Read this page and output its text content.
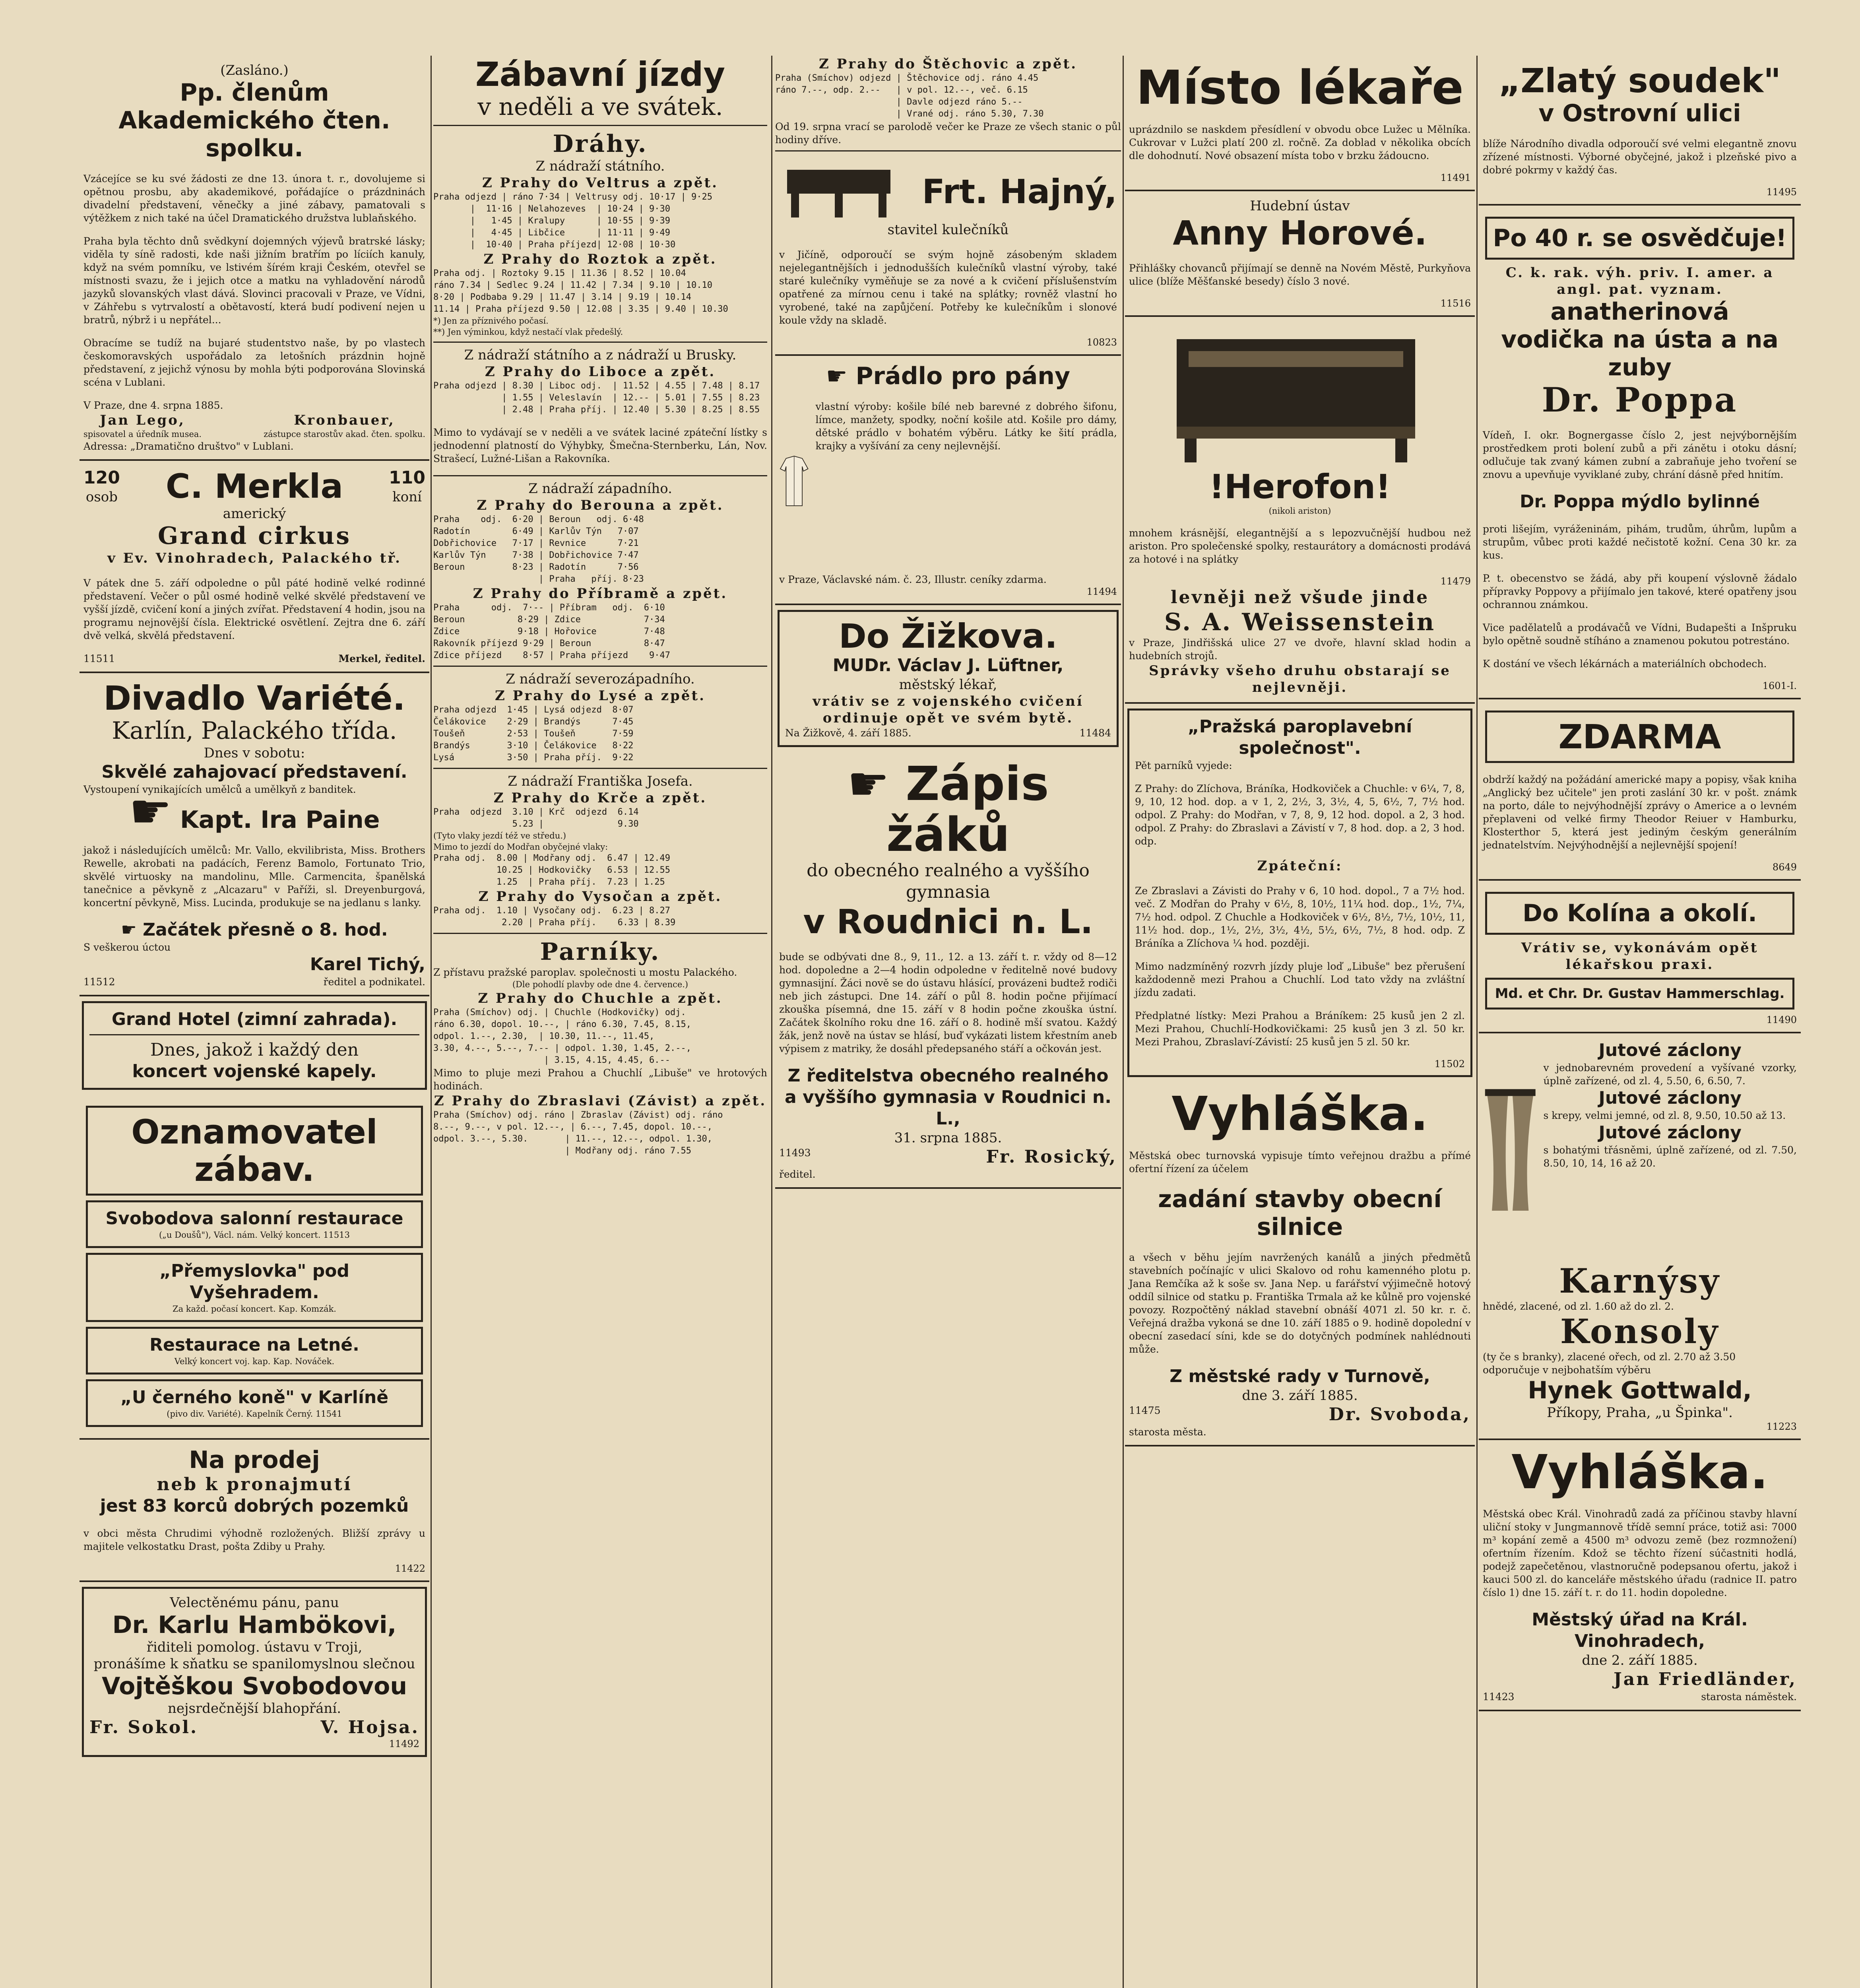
(Zasláno.)
Pp. členům
Akademického čten. spolku.

Vzácejíce se ku své žádosti ze dne 13. února t. r., dovolujeme si opětnou prosbu, aby akademikové, pořádajíce o prázdninách divadelní představení, věnečky a jiné zábavy, pamatovali s výtěžkem z nich také na účel Dramatického družstva lublaňského.

Praha byla těchto dnů svědkyní dojemných výjevů bratrské lásky; viděla ty síně radosti, kde naši jižním bratřím po líciích kanuly, když na svém pomníku, ve lstivém šírém kraji Českém, otevřel se místnosti svazu, že i jejich otce a matku na vyhladovění národů jazyků slovanských vlast dává. Slovinci pracovali v Praze, ve Vídni, v Záhřebu s vytrvalostí a obětavostí, která budí podivení nejen u bratrů, nýbrž i u nepřátel...

Obracíme se tudíž na bujaré studentstvo naše, by po vlastech českomoravských uspořádalo za letošních prázdnin hojně představení, z jejichž výnosu by mohla býti podporována Slovinská scéna v Lublani.

V Praze, dne 4. srpna 1885.
Jan Lego,
spisovatel a úředník musea.
Kronbauer,
zástupce starostův akad. čten. spolku.
Adressa: „Dramatično društvo" v Lublani.
120
osob C. Merkla	110
koní
americký
Grand cirkus
v Ev. Vinohradech, Palackého tř.

V pátek dne 5. září odpoledne o půl páté hodině velké rodinné představení. Večer o půl osmé hodině velké skvělé představení ve vyšší jízdě, cvičení koní a jiných zvířat. Představení 4 hodin, jsou na programu nejnovější čísla. Elektrické osvětlení. Zejtra dne 6. září dvě velká, skvělá představení.

11511	Merkel, ředitel.
Divadlo Variété.
Karlín, Palackého třída.
Dnes v sobotu:
Skvělé zahajovací představení.
Vystoupení vynikajících umělců a umělkyň z banditek.
☛ Kapt. Ira Paine

jakož i následujících umělců: Mr. Vallo, ekvilibrista, Miss. Brothers Rewelle, akrobati na padácích, Ferenz Bamolo, Fortunato Trio, skvělé virtuosky na mandolinu, Mlle. Carmencita, španělská tanečnice a pěvkyně z „Alcazaru" v Paříži, sl. Dreyenburgová, koncertní pěvkyně, Miss. Lucinda, produkuje se na jedlanu s lanky.

☛ Začátek přesně o 8. hod.
S veškerou úctou
Karel Tichý,
11512	ředitel a podnikatel.
Grand Hotel (zimní zahrada).
Dnes, jakož i každý den
koncert vojenské kapely.
Oznamovatel zábav.
Svobodova salonní restaurace
(„u Doušů"), Václ. nám. Velký koncert. 11513
„Přemyslovka" pod Vyšehradem.
Za každ. počasí koncert. Kap. Komzák.
Restaurace na Letné.
Velký koncert voj. kap. Kap. Nováček.
„U černého koně" v Karlíně
(pivo div. Variété). Kapelník Černý. 11541
Na prodej
neb k pronajmutí
jest 83 korců dobrých pozemků

v obci města Chrudimi výhodně rozložených. Bližší zprávy u majitele velkostatku Drast, pošta Zdiby u Prahy.

11422
Velectěnému pánu, panu
Dr. Karlu Hambökovi,
řiditeli pomolog. ústavu v Troji,
pronášíme k sňatku se spanilomyslnou slečnou
Vojtěškou Svobodovou
nejsrdečnější blahopřání.
Fr. Sokol.	V. Hojsa.
11492
Zábavní jízdy
v neděli a ve svátek.
Dráhy.
Z nádraží státního.
Z Prahy do Veltrus a zpět.
Praha odjezd | ráno 7·34 | Veltrusy odj. 10·17 | 9·25
|  11·16 | Nelahozeves  | 10·24 | 9·30
|   1·45 | Kralupy      | 10·55 | 9·39
|   4·45 | Libčice      | 11·11 | 9·49
|  10·40 | Praha příjezd| 12·08 | 10·30
Z Prahy do Roztok a zpět.
Praha odj. | Roztoky 9.15 | 11.36 | 8.52 | 10.04
ráno 7.34 | Sedlec 9.24 | 11.42 | 7.34 | 9.10 | 10.10
8·20 | Podbaba 9.29 | 11.47 | 3.14 | 9.19 | 10.14
11.14 | Praha příjezd 9.50 | 12.08 | 3.35 | 9.40 | 10.30
*) Jen za příznivého počasí.
**) Jen výminkou, když nestačí vlak předešlý.
Z nádraží státního a z nádraží u Brusky.
Z Prahy do Liboce a zpět.
Praha odjezd | 8.30 | Liboc odj.  | 11.52 | 4.55 | 7.48 | 8.17
| 1.55 | Veleslavín  | 12.-- | 5.01 | 7.55 | 8.23
| 2.48 | Praha příj. | 12.40 | 5.30 | 8.25 | 8.55

Mimo to vydávají se v neděli a ve svátek laciné zpáteční lístky s jednodenní platností do Výhybky, Šmečna-Sternberku, Lán, Nov. Strašecí, Lužné-Lišan a Rakovníka.

Z nádraží západního.
Z Prahy do Berouna a zpět.
Praha    odj.  6·20 | Beroun   odj. 6·48
Radotín        6·49 | Karlův Týn   7·07
Dobřichovice   7·17 | Revnice      7·21
Karlův Týn     7·38 | Dobřichovice 7·47
Beroun         8·23 | Radotín      7·56
| Praha   příj. 8·23
Z Prahy do Příbramě a zpět.
Praha      odj.  7·-- | Příbram   odj.  6·10
Beroun          8·29 | Zdice            7·34
Zdice           9·18 | Hořovice         7·48
Rakovník příjezd 9·29 | Beroun          8·47
Zdice příjezd    8·57 | Praha příjezd    9·47
Z nádraží severozápadního.
Z Prahy do Lysé a zpět.
Praha odjezd  1·45 | Lysá odjezd  8·07
Čelákovice    2·29 | Brandýs      7·45
Toušeň        2·53 | Toušeň       7·59
Brandýs       3·10 | Čelákovice   8·22
Lysá          3·50 | Praha příj.  9·22
Z nádraží Františka Josefa.
Z Prahy do Krče a zpět.
Praha  odjezd  3.10 | Krč  odjezd  6.14
5.23 |              9.30
(Tyto vlaky jezdí též ve středu.)
Mimo to jezdí do Modřan obyčejné vlaky:
Praha odj.  8.00 | Modřany odj.  6.47 | 12.49
10.25 | Hodkovičky   6.53 | 12.55
1.25  | Praha příj.  7.23 | 1.25
Z Prahy do Vysočan a zpět.
Praha odj.  1.10 | Vysočany odj.  6.23 | 8.27
2.20 | Praha příj.    6.33 | 8.39
Parníky.
Z přístavu pražské paroplav. společnosti u mostu Palackého.
(Dle pohodlí plavby ode dne 4. července.)
Z Prahy do Chuchle a zpět.
Praha (Smíchov) odj. | Chuchle (Hodkovičky) odj.
ráno 6.30, dopol. 10.--, | ráno 6.30, 7.45, 8.15,
odpol. 1.--, 2.30,  | 10.30, 11.--, 11.45,
3.30, 4.--, 5.--, 7.-- | odpol. 1.30, 1.45, 2.--,
| 3.15, 4.15, 4.45, 6.--
Mimo to pluje mezi Prahou a Chuchlí „Libuše" ve hrotových hodinách.
Z Prahy do Zbraslavi (Závist) a zpět.
Praha (Smíchov) odj. ráno | Zbraslav (Závist) odj. ráno
8.--, 9.--, v pol. 12.--, | 6.--, 7.45, dopol. 10.--,
odpol. 3.--, 5.30.       | 11.--, 12.--, odpol. 1.30,
| Modřany odj. ráno 7.55
Z Prahy do Štěchovic a zpět.
Praha (Smíchov) odjezd | Štěchovice odj. ráno 4.45
ráno 7.--, odp. 2.--   | v pol. 12.--, več. 6.15
| Davle odjezd ráno 5.--
| Vrané odj. ráno 5.30, 7.30
Od 19. srpna vrací se parolodě večer ke Praze ze všech stanic o půl hodiny dříve.
Frt. Hajný,
stavitel kulečníků

v Jičíně, odporoučí se svým hojně zásobeným skladem nejelegantnějších i jednodušších kulečníků vlastní výroby, také staré kulečníky vyměňuje se za nové a k cvičení příslušenstvím opatřené za mírnou cenu i také na splátky; rovněž vlastní ho vyrobené, také na zapůjčení. Potřeby ke kulečníkům i slonové koule vždy na skladě.

10823
☛ Prádlo pro pány

vlastní výroby: košile bílé neb barevné z dobrého šifonu, límce, manžety, spodky, noční košile atd. Košile pro dámy, dětské prádlo v bohatém výběru. Látky ke šití prádla, krajky a vyšívání za ceny nejlevnější.

v Praze, Václavské nám. č. 23, Illustr. ceníky zdarma.
11494
Do Žižkova.
MUDr. Václav J. Lüftner,
městský lékař,
vrátiv se z vojenského cvičení ordinuje opět ve svém bytě.
Na Žižkově, 4. září 1885.	11484
☛ Zápis žáků
do obecného realného a vyššího gymnasia
v Roudnici n. L.

bude se odbývati dne 8., 9, 11., 12. a 13. září t. r. vždy od 8—12 hod. dopoledne a 2—4 hodin odpoledne v ředitelně nové budovy gymnasijní. Žáci nově se do ústavu hlásící, provázeni budtež rodiči neb jich zástupci. Dne 14. září o půl 8. hodin počne přijímací zkouška písemná, dne 15. září v 8 hodin počne zkouška ústní. Začátek školního roku dne 16. září o 8. hodině mší svatou. Každý žák, jenž nově na ústav se hlásí, buď vykázati listem křestním aneb výpisem z matriky, že dosáhl předepsaného stáří a očkován jest.

Z ředitelstva obecného realného
a vyššího gymnasia v Roudnici n. L.,
31. srpna 1885.
11493	Fr. Rosický,
ředitel.
Místo lékaře

uprázdnilo se naskdem přesídlení v obvodu obce Lužec u Mělníka. Cukrovar v Lužci platí 200 zl. ročně. Za doblad v několika obcích dle dohodnutí. Nové obsazení místa tobo v brzku žádoucno.

11491
Hudební ústav
Anny Horové.

Přihlášky chovanců přijímají se denně na Novém Městě, Purkyňova ulice (blíže Měšťanské besedy) číslo 3 nové.

11516
!Herofon!
(nikoli ariston)

mnohem krásnější, elegantnější a s lepozvučnější hudbou než ariston. Pro společenské spolky, restaurátory a domácnosti prodává za hotové i na splátky

11479
levněji než všude jinde
S. A. Weissenstein
v Praze, Jindřišská ulice 27 ve dvoře, hlavní sklad hodin a hudebních strojů.
Správky všeho druhu obstarají se nejlevněji.
„Pražská paroplavební společnost".
Pět parníků vyjede:

Z Prahy: do Zlíchova, Bráníka, Hodkoviček a Chuchle: v 6¼, 7, 8, 9, 10, 12 hod. dop. a v 1, 2, 2½, 3, 3½, 4, 5, 6½, 7, 7½ hod. odpol. Z Prahy: do Modřan, v 7, 8, 9, 12 hod. dopol. a 2, 3 hod. odpol. Z Prahy: do Zbraslavi a Závistí v 7, 8 hod. dop. a 2, 3 hod. odp.

Zpáteční:

Ze Zbraslavi a Závisti do Prahy v 6, 10 hod. dopol., 7 a 7½ hod. več. Z Modřan do Prahy v 6½, 8, 10½, 11¼ hod. dop., 1½, 7¼, 7½ hod. odpol. Z Chuchle a Hodkoviček v 6½, 8½, 7½, 10½, 11, 11½ hod. dop., 1½, 2½, 3½, 4½, 5½, 6½, 7½, 8 hod. odp. Z Bráníka a Zlíchova ¼ hod. později.

Mimo nadzmíněný rozvrh jízdy pluje loď „Libuše" bez přerušení každodenně mezi Prahou a Chuchlí. Lod tato vždy na zvláštní jízdu zadati.

Předplatné lístky: Mezi Prahou a Bráníkem: 25 kusů jen 2 zl. Mezi Prahou, Chuchlí-Hodkovičkami: 25 kusů jen 3 zl. 50 kr. Mezi Prahou, Zbraslaví-Závistí: 25 kusů jen 5 zl. 50 kr.

11502
Vyhláška.

Městská obec turnovská vypisuje tímto veřejnou dražbu a přímé ofertní řízení za účelem

zadání stavby obecní silnice

a všech v běhu jejím navržených kanálů a jiných předmětů stavebních počínajíc v ulici Skalovo od rohu kamenného plotu p. Jana Remčíka až k soše sv. Jana Nep. u farářství výjimečně hotový oddíl silnice od statku p. Františka Trmala až ke kůlně pro vojenské povozy. Rozpočtěný náklad stavební obnáší 4071 zl. 50 kr. r. č. Veřejná dražba vykoná se dne 10. září 1885 o 9. hodině dopolední v obecní zasedací síni, kde se do dotyčných podmínek nahlédnouti může.

Z městské rady v Turnově,
dne 3. září 1885.
11475	Dr. Svoboda,
starosta města.
„Zlatý soudek"
v Ostrovní ulici

blíže Národního divadla odporoučí své velmi elegantně znovu zřízené místnosti. Výborné obyčejné, jakož i plzeňské pivo a dobré pokrmy v každý čas.

11495
Po 40 r. se osvědčuje!
C. k. rak. výh. priv. I. amer. a angl. pat. vyznam.
anatherinová
vodička na ústa a na zuby
Dr. Poppa

Vídeň, I. okr. Bognergasse číslo 2, jest nejvýbornějším prostředkem proti bolení zubů a při zánětu i otoku dásní; odlučuje tak zvaný kámen zubní a zabraňuje jeho tvoření se znovu a upevňuje vyviklané zuby, chrání dásně před hnitím.

Dr. Poppa mýdlo bylinné

proti lišejím, vyráženinám, pihám, trudům, úhrům, lupům a strupům, vůbec proti každé nečistotě kožní. Cena 30 kr. za kus.

P. t. obecenstvo se žádá, aby při koupení výslovně žádalo přípravky Poppovy a přijímalo jen takové, které opatřeny jsou ochrannou známkou.

Vice padělatelů a prodávačů ve Vídni, Budapešti a Inšpruku bylo opětně soudně stíháno a znamenou pokutou potrestáno.

K dostání ve všech lékárnách a materiálních obchodech.

1601-I.
ZDARMA

obdrží každý na požádání americké mapy a popisy, však kniha „Anglický bez učitele" jen proti zaslání 30 kr. v pošt. známk na porto, dále to nejvýhodnější zprávy o Americe a o levném přeplaveni od velké firmy Theodor Reiuer v Hamburku, Klosterthor 5, která jest jediným českým generálním jednatelstvím. Nejvýhodnější a nejlevnější spojení!

8649
Do Kolína a okolí.
Vrátiv se, vykonávám opět lékařskou praxi.
Md. et Chr. Dr. Gustav Hammerschlag.
11490
Jutové záclony
v jednobarevném provedení a vyšívané vzorky, úplně zařízené, od zl. 4, 5.50, 6, 6.50, 7.
Jutové záclony
s krepy, velmi jemné, od zl. 8, 9.50, 10.50 až 13.
Jutové záclony
s bohatými třásněmi, úplně zařízené, od zl. 7.50, 8.50, 10, 14, 16 až 20.
Karnýsy
hnědé, zlacené, od zl. 1.60 až do zl. 2.
Konsoly
(ty če s branky), zlacené ořech, od zl. 2.70 až 3.50
odporučuje v nejbohatším výběru
Hynek Gottwald,
Příkopy, Praha, „u Špinka".
11223
Vyhláška.

Městská obec Král. Vinohradů zadá za příčinou stavby hlavní uliční stoky v Jungmannově třídě semní práce, totiž asi: 7000 m³ kopání země a 4500 m³ odvozu země (bez rozmnožení) ofertním řízením. Kdož se těchto řízení súčastniti hodlá, podejž zapečetěnou, vlastnoručně podepsanou ofertu, jakož i kauci 500 zl. do kanceláře městského úřadu (radnice II. patro číslo 1) dne 15. září t. r. do 11. hodin dopoledne.

Městský úřad na Král. Vinohradech,
dne 2. září 1885.
Jan Friedländer,
11423	starosta náměstek.
